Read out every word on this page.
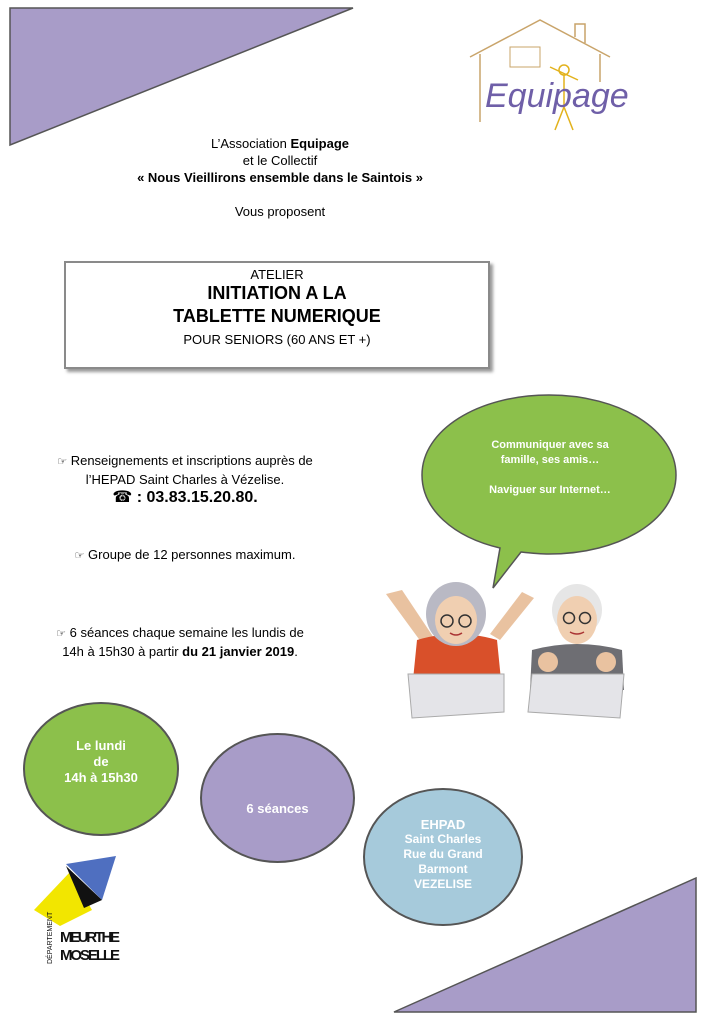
Equipage
L’Association Equipage
et le Collectif
« Nous Vieillirons ensemble dans le Saintois »
Vous proposent
ATELIER
INITIATION A LA
TABLETTE NUMERIQUE
POUR SENIORS (60 ANS ET +)
☞ Renseignements et inscriptions auprès de
l’HEPAD Saint Charles à Vézelise.
☎ : 03.83.15.20.80.
☞ Groupe de 12 personnes maximum.
☞ 6 séances chaque semaine les lundis de
14h à 15h30 à partir du 21 janvier 2019.
Communiquer avec sa
famille, ses amis…
Naviguer sur Internet…
Le lundi
de
14h à 15h30
6 séances
EHPAD
Saint Charles
Rue du Grand
Barmont
VEZELISE
DÉPARTEMENT MEURTHE
MOSELLE
